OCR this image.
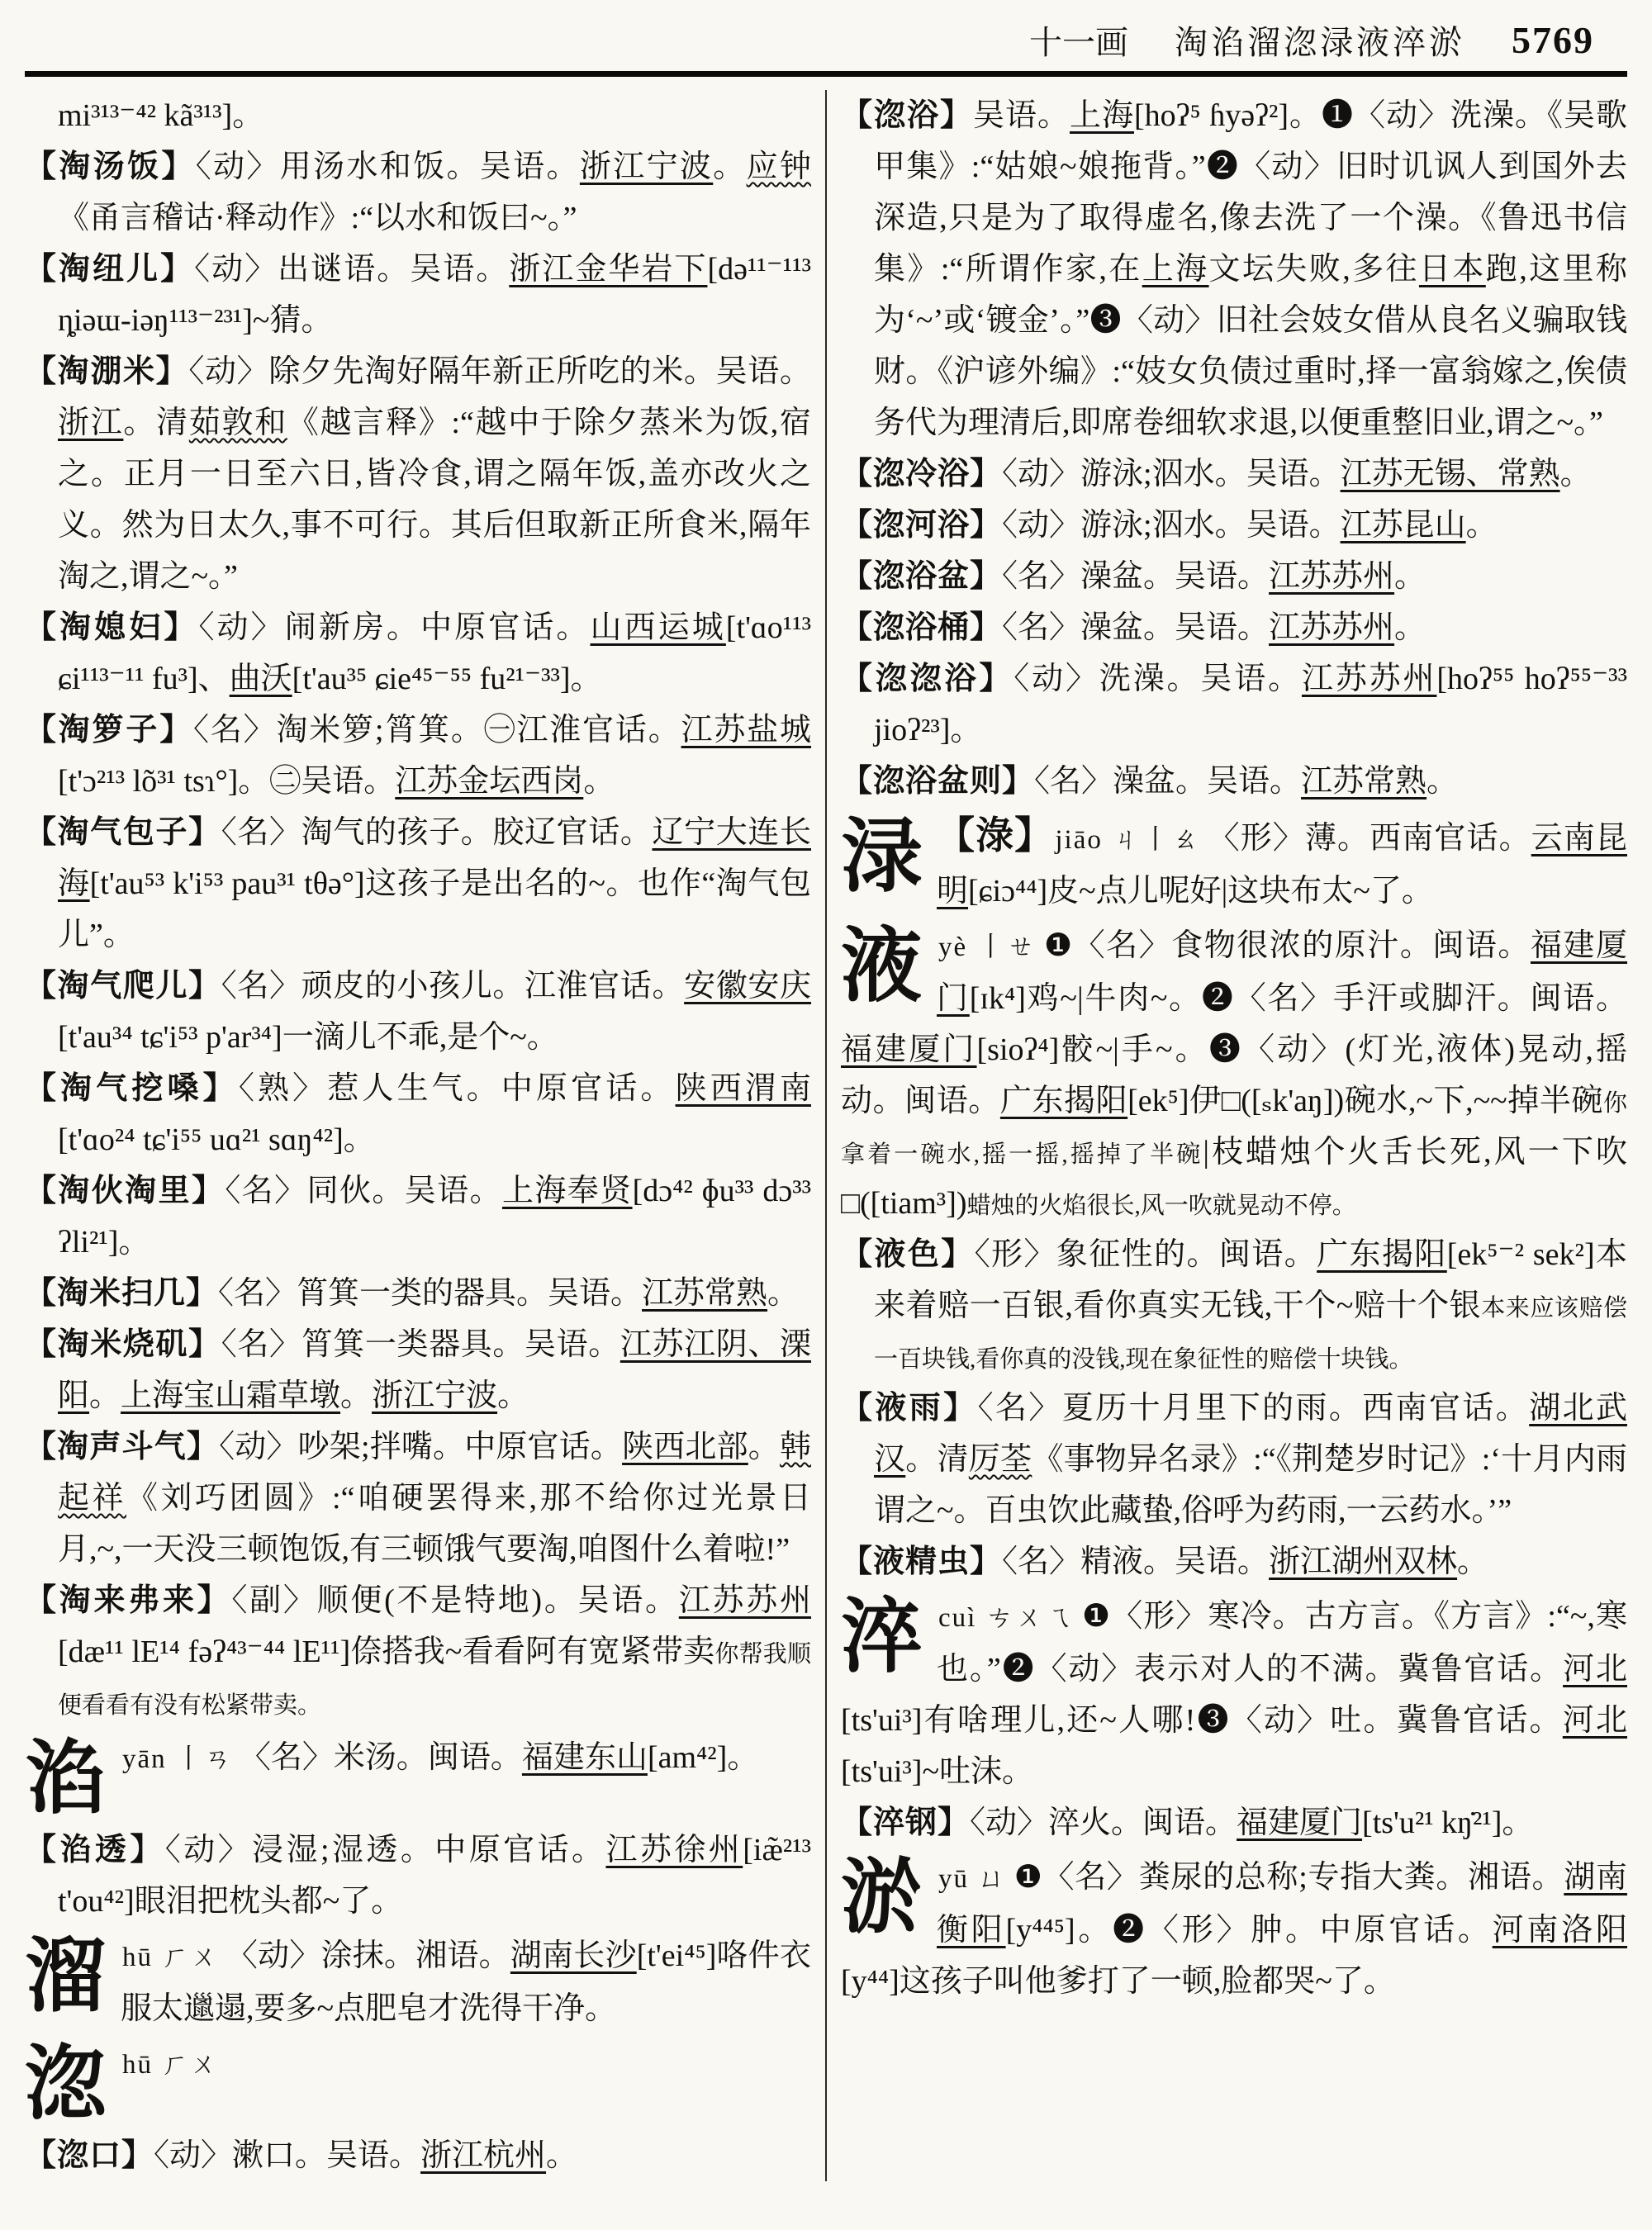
十一画 淘淊溜淴渌液淬淤 5769
mi³¹³⁻⁴² kã³¹³]。
【淘汤饭】〈动〉用汤水和饭。吴语。浙江宁波。应钟《甬言稽诂·释动作》:“以水和饭曰~。”
【淘纽儿】〈动〉出谜语。吴语。浙江金华岩下[də¹¹⁻¹¹³ ȵiəɯ-iəŋ¹¹³⁻²³¹]~猜。
【淘淜米】〈动〉除夕先淘好隔年新正所吃的米。吴语。浙江。清茹敦和《越言释》:“越中于除夕蒸米为饭,宿之。正月一日至六日,皆冷食,谓之隔年饭,盖亦改火之义。然为日太久,事不可行。其后但取新正所食米,隔年淘之,谓之~。”
【淘媳妇】〈动〉闹新房。中原官话。山西运城[t'ɑo¹¹³ ɕi¹¹³⁻¹¹ fu³]、曲沃[t'au³⁵ ɕie⁴⁵⁻⁵⁵ fu²¹⁻³³]。
【淘箩子】〈名〉淘米箩;筲箕。㊀江淮官话。江苏盐城[t'ɔ²¹³ lõ³¹ tsɿ°]。㊁吴语。江苏金坛西岗。
【淘气包子】〈名〉淘气的孩子。胶辽官话。辽宁大连长海[t'au⁵³ k'i⁵³ pau³¹ tθə°]这孩子是出名的~。也作“淘气包儿”。
【淘气爬儿】〈名〉顽皮的小孩儿。江淮官话。安徽安庆[t'au³⁴ tɕ'i⁵³ p'ar³⁴]一滴儿不乖,是个~。
【淘气挖嗓】〈熟〉惹人生气。中原官话。陕西渭南[t'ɑo²⁴ tɕ'i⁵⁵ uɑ²¹ sɑŋ⁴²]。
【淘伙淘里】〈名〉同伙。吴语。上海奉贤[dɔ⁴² ɸu³³ dɔ³³ ʔli²¹]。
【淘米扫几】〈名〉筲箕一类的器具。吴语。江苏常熟。
【淘米烧矶】〈名〉筲箕一类器具。吴语。江苏江阴、溧阳。上海宝山霜草墩。浙江宁波。
【淘声斗气】〈动〉吵架;拌嘴。中原官话。陕西北部。韩起祥《刘巧团圆》:“咱硬罢得来,那不给你过光景日月,~,一天没三顿饱饭,有三顿饿气要淘,咱图什么着啦!”
【淘来弗来】〈副〉顺便(不是特地)。吴语。江苏苏州[dæ¹¹ lE¹⁴ fəʔ⁴³⁻⁴⁴ lE¹¹]倷搭我~看看阿有宽紧带卖你帮我顺便看看有没有松紧带卖。
淊yān 丨ㄢ 〈名〉米汤。闽语。福建东山[am⁴²]。
【淊透】〈动〉浸湿;湿透。中原官话。江苏徐州[iæ̃²¹³ t'ou⁴²]眼泪把枕头都~了。
溜hū ㄏㄨ 〈动〉涂抹。湘语。湖南长沙[t'ei⁴⁵]咯件衣服太邋遢,要多~点肥皂才洗得干净。
淴hū ㄏㄨ
【淴口】〈动〉漱口。吴语。浙江杭州。
【淴浴】吴语。上海[hoʔ⁵ ɦyəʔ²]。❶〈动〉洗澡。《吴歌甲集》:“姑娘~娘拖背。”❷〈动〉旧时讥讽人到国外去深造,只是为了取得虚名,像去洗了一个澡。《鲁迅书信集》:“所谓作家,在上海文坛失败,多往日本跑,这里称为‘~’或‘镀金’。”❸〈动〉旧社会妓女借从良名义骗取钱财。《沪谚外编》:“妓女负债过重时,择一富翁嫁之,俟债务代为理清后,即席卷细软求退,以便重整旧业,谓之~。”
【淴冷浴】〈动〉游泳;泅水。吴语。江苏无锡、常熟。
【淴河浴】〈动〉游泳;泅水。吴语。江苏昆山。
【淴浴盆】〈名〉澡盆。吴语。江苏苏州。
【淴浴桶】〈名〉澡盆。吴语。江苏苏州。
【淴淴浴】〈动〉洗澡。吴语。江苏苏州[hoʔ⁵⁵ hoʔ⁵⁵⁻³³ jioʔ²³]。
【淴浴盆则】〈名〉澡盆。吴语。江苏常熟。
渌 【淥】jiāo ㄐ丨ㄠ 〈形〉薄。西南官话。云南昆明[ɕiɔ⁴⁴]皮~点儿呢好|这块布太~了。
液yè 丨ㄝ ❶〈名〉食物很浓的原汁。闽语。福建厦门[ɪk⁴]鸡~|牛肉~。❷〈名〉手汗或脚汗。闽语。福建厦门[sioʔ⁴]骹~|手~。❸〈动〉(灯光,液体)晃动,摇动。闽语。广东揭阳[ek⁵]伊□([ₛk'aŋ])碗水,~下,~~掉半碗你拿着一碗水,摇一摇,摇掉了半碗|枝蜡烛个火舌长死,风一下吹□([tiam³])蜡烛的火焰很长,风一吹就晃动不停。
【液色】〈形〉象征性的。闽语。广东揭阳[ek⁵⁻² sek²]本来着赔一百银,看你真实无钱,干个~赔十个银本来应该赔偿一百块钱,看你真的没钱,现在象征性的赔偿十块钱。
【液雨】〈名〉夏历十月里下的雨。西南官话。湖北武汉。清厉荃《事物异名录》:“《荆楚岁时记》:‘十月内雨谓之~。百虫饮此藏蛰,俗呼为药雨,一云药水。’”
【液精虫】〈名〉精液。吴语。浙江湖州双林。
淬cuì ㄘㄨㄟ ❶〈形〉寒冷。古方言。《方言》:“~,寒也。”❷〈动〉表示对人的不满。冀鲁官话。河北[ts'ui³]有啥理儿,还~人哪!❸〈动〉吐。冀鲁官话。河北[ts'ui³]~吐沫。
【淬钢】〈动〉淬火。闽语。福建厦门[ts'u²¹ kŋ̇²¹]。
淤yū ㄩ ❶〈名〉粪尿的总称;专指大粪。湘语。湖南衡阳[y⁴⁴⁵]。❷〈形〉肿。中原官话。河南洛阳[y⁴⁴]这孩子叫他爹打了一顿,脸都哭~了。
